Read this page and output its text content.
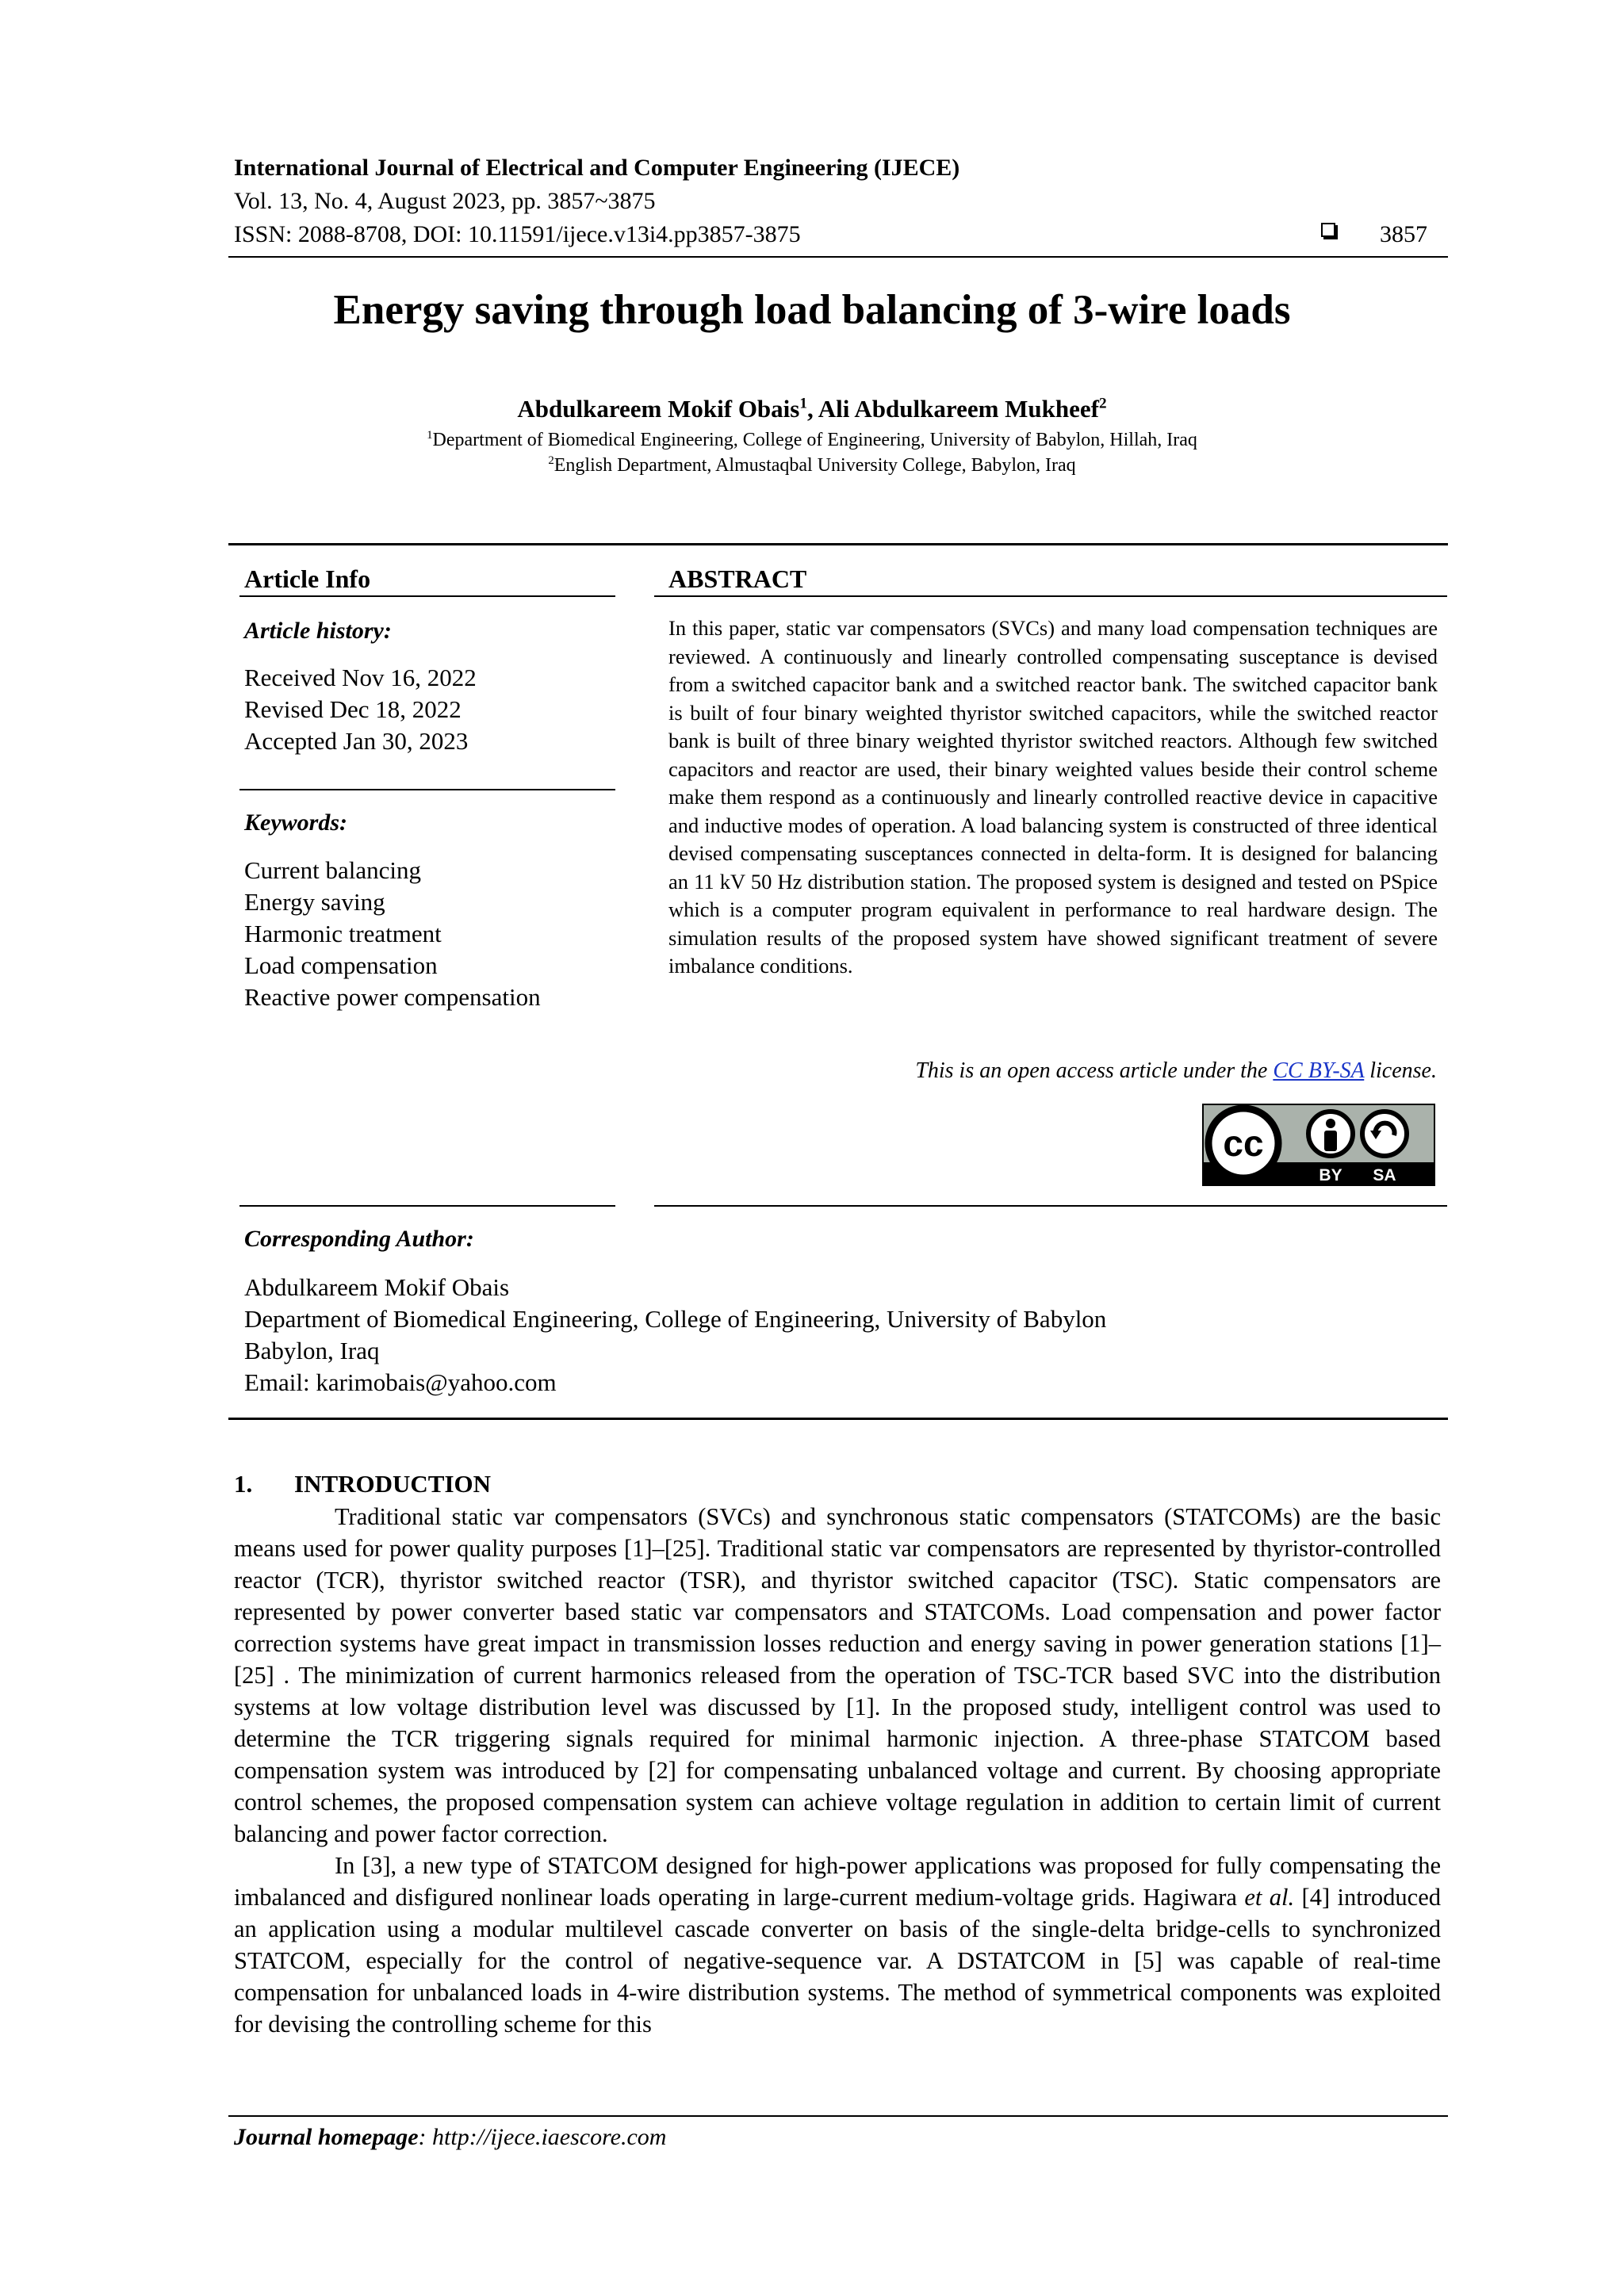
International Journal of Electrical and Computer Engineering (IJECE)
Vol. 13, No. 4, August 2023, pp. 3857~3875
ISSN: 2088-8708, DOI: 10.11591/ijece.v13i4.pp3857-3875	3857
Energy saving through load balancing of 3-wire loads
Abdulkareem Mokif Obais$^1$, Ali Abdulkareem Mukheef$^2$
$^1$Department of Biomedical Engineering, College of Engineering, University of Babylon, Hillah, Iraq
$^2$English Department, Almustaqbal University College, Babylon, Iraq
Article Info
Article history:
Received Nov 16, 2022
Revised Dec 18, 2022
Accepted Jan 30, 2023
Keywords:
Current balancing
Energy saving
Harmonic treatment
Load compensation
Reactive power compensation
ABSTRACT
In this paper, static var compensators (SVCs) and many load compensation techniques are reviewed. A continuously and linearly controlled compensating susceptance is devised from a switched capacitor bank and a switched reactor bank. The switched capacitor bank is built of four binary weighted thyristor switched capacitors, while the switched reactor bank is built of three binary weighted thyristor switched reactors. Although few switched capacitors and reactor are used, their binary weighted values beside their control scheme make them respond as a continuously and linearly controlled reactive device in capacitive and inductive modes of operation. A load balancing system is constructed of three identical devised compensating susceptances connected in delta-form. It is designed for balancing an 11 kV 50 Hz distribution station. The proposed system is designed and tested on PSpice which is a computer program equivalent in performance to real hardware design. The simulation results of the proposed system have showed significant treatment of severe imbalance conditions.
This is an open access article under the CC BY-SA license.
cc
BY SA
Corresponding Author:
Abdulkareem Mokif Obais
Department of Biomedical Engineering, College of Engineering, University of Babylon
Babylon, Iraq
Email: karimobais@yahoo.com
1. INTRODUCTION

Traditional static var compensators (SVCs) and synchronous static compensators (STATCOMs) are the basic means used for power quality purposes [1]–[25]. Traditional static var compensators are represented by thyristor-controlled reactor (TCR), thyristor switched reactor (TSR), and thyristor switched capacitor (TSC). Static compensators are represented by power converter based static var compensators and STATCOMs. Load compensation and power factor correction systems have great impact in transmission losses reduction and energy saving in power generation stations [1]–[25] . The minimization of current harmonics released from the operation of TSC-TCR based SVC into the distribution systems at low voltage distribution level was discussed by [1]. In the proposed study, intelligent control was used to determine the TCR triggering signals required for minimal harmonic injection. A three-phase STATCOM based compensation system was introduced by [2] for compensating unbalanced voltage and current. By choosing appropriate control schemes, the proposed compensation system can achieve voltage regulation in addition to certain limit of current balancing and power factor correction.

In [3], a new type of STATCOM designed for high-power applications was proposed for fully compensating the imbalanced and disfigured nonlinear loads operating in large-current medium-voltage grids. Hagiwara et al. [4] introduced an application using a modular multilevel cascade converter on basis of the single-delta bridge-cells to synchronized STATCOM, especially for the control of negative-sequence var. A DSTATCOM in [5] was capable of real-time compensation for unbalanced loads in 4-wire distribution systems. The method of symmetrical components was exploited for devising the controlling scheme for this

Journal homepage: http://ijece.iaescore.com
